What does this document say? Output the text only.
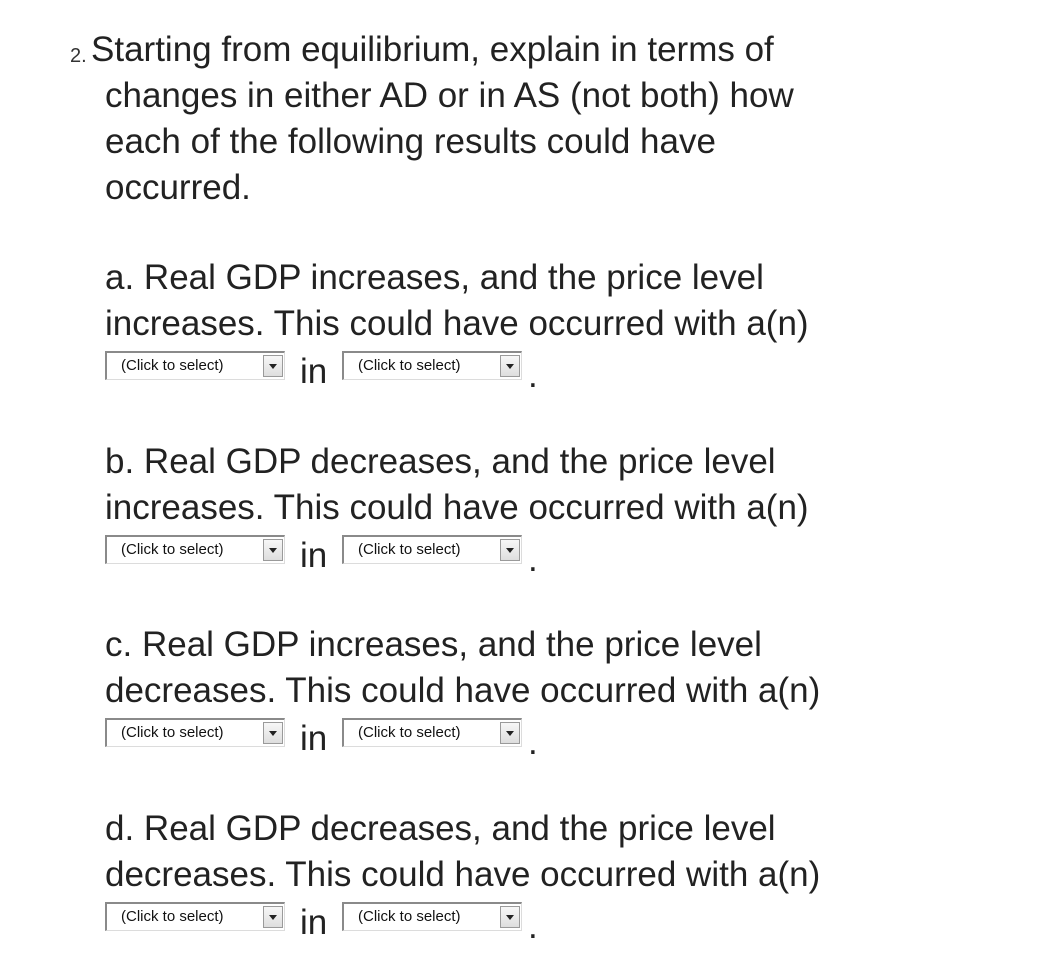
2. Starting from equilibrium, explain in terms of
changes in either AD or in AS (not both) how
each of the following results could have
occurred.
a. Real GDP increases, and the price level
increases. This could have occurred with a(n)
(Click to select) in (Click to select) .
b. Real GDP decreases, and the price level
increases. This could have occurred with a(n)
(Click to select) in (Click to select) .
c. Real GDP increases, and the price level
decreases. This could have occurred with a(n)
(Click to select) in (Click to select) .
d. Real GDP decreases, and the price level
decreases. This could have occurred with a(n)
(Click to select) in (Click to select) .
